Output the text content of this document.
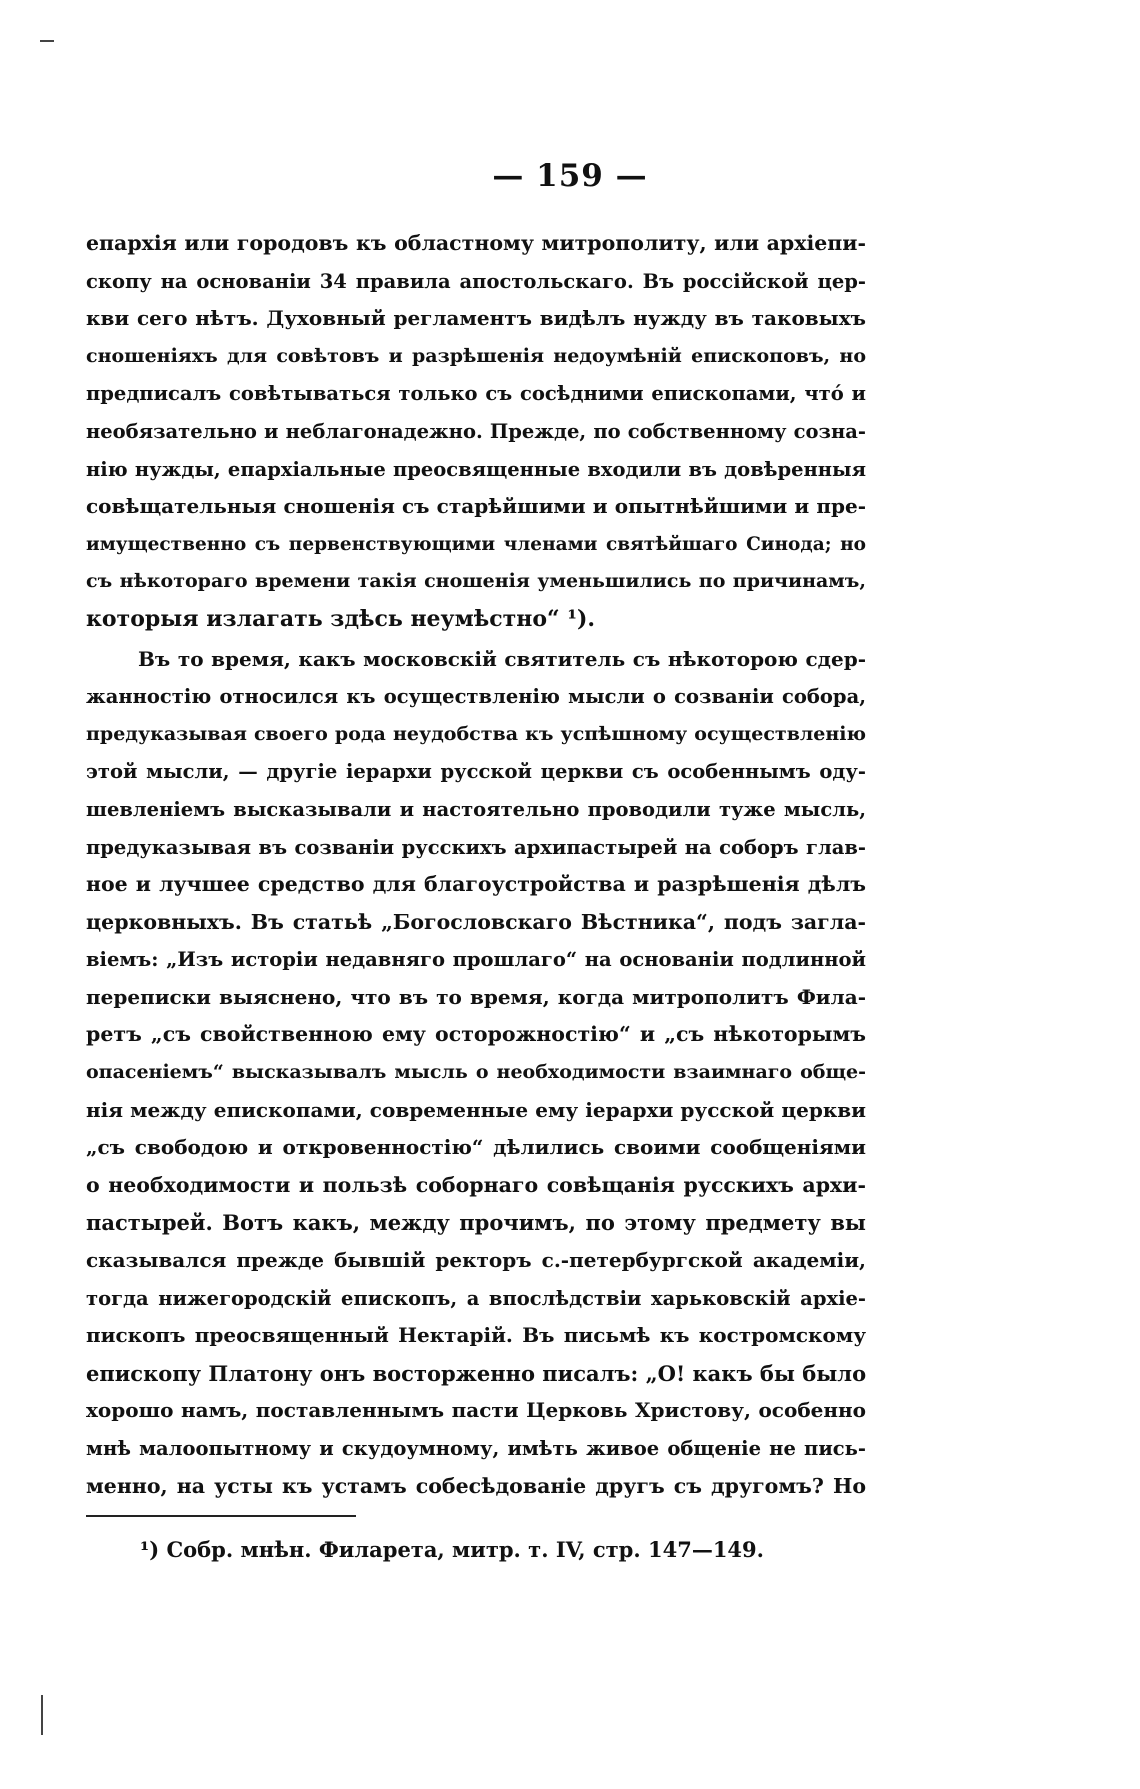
— 159 —
епархія или городовъ къ областному митрополиту, или архіепи-
скопу на основаніи 34 правила апостольскаго. Въ россійской цер-
кви сего нѣтъ. Духовный регламентъ видѣлъ нужду въ таковыхъ
сношеніяхъ для совѣтовъ и разрѣшенія недоумѣній епископовъ, но
предписалъ совѣтываться только съ сосѣдними епископами, чтó и
необязательно и неблагонадежно. Прежде, по собственному созна-
нію нужды, епархіальные преосвященные входили въ довѣренныя
совѣщательныя сношенія съ старѣйшими и опытнѣйшими и пре-
имущественно съ первенствующими членами святѣйшаго Синода; но
съ нѣкотораго времени такія сношенія уменьшились по причинамъ,
которыя излагать здѣсь неумѣстно“ ¹).
Въ то время, какъ московскій святитель съ нѣкоторою сдер-
жанностію относился къ осуществленію мысли о созваніи собора,
предуказывая своего рода неудобства къ успѣшному осуществленію
этой мысли, — другіе іерархи русской церкви съ особеннымъ оду-
шевленіемъ высказывали и настоятельно проводили туже мысль,
предуказывая въ созваніи русскихъ архипастырей на соборъ глав-
ное и лучшее средство для благоустройства и разрѣшенія дѣлъ
церковныхъ. Въ статьѣ „Богословскаго Вѣстника“, подъ загла-
віемъ: „Изъ исторіи недавняго прошлаго“ на основаніи подлинной
переписки выяснено, что въ то время, когда митрополитъ Фила-
ретъ „съ свойственною ему осторожностію“ и „съ нѣкоторымъ
опасеніемъ“ высказывалъ мысль о необходимости взаимнаго обще-
нія между епископами, современные ему іерархи русской церкви
„съ свободою и откровенностію“ дѣлились своими сообщеніями
о необходимости и пользѣ соборнаго совѣщанія русскихъ архи-
пастырей. Вотъ какъ, между прочимъ, по этому предмету вы
сказывался прежде бывшій ректоръ с.-петербургской академіи,
тогда нижегородскій епископъ, а впослѣдствіи харьковскій архіе-
пископъ преосвященный Нектарій. Въ письмѣ къ костромскому
епископу Платону онъ восторженно писалъ: „О! какъ бы было
хорошо намъ, поставленнымъ пасти Церковь Христову, особенно
мнѣ малоопытному и скудоумному, имѣть живое общеніе не пись-
менно, на усты къ устамъ собесѣдованіе другъ съ другомъ? Но
¹) Собр. мнѣн. Филарета, митр. т. IV, стр. 147—149.
